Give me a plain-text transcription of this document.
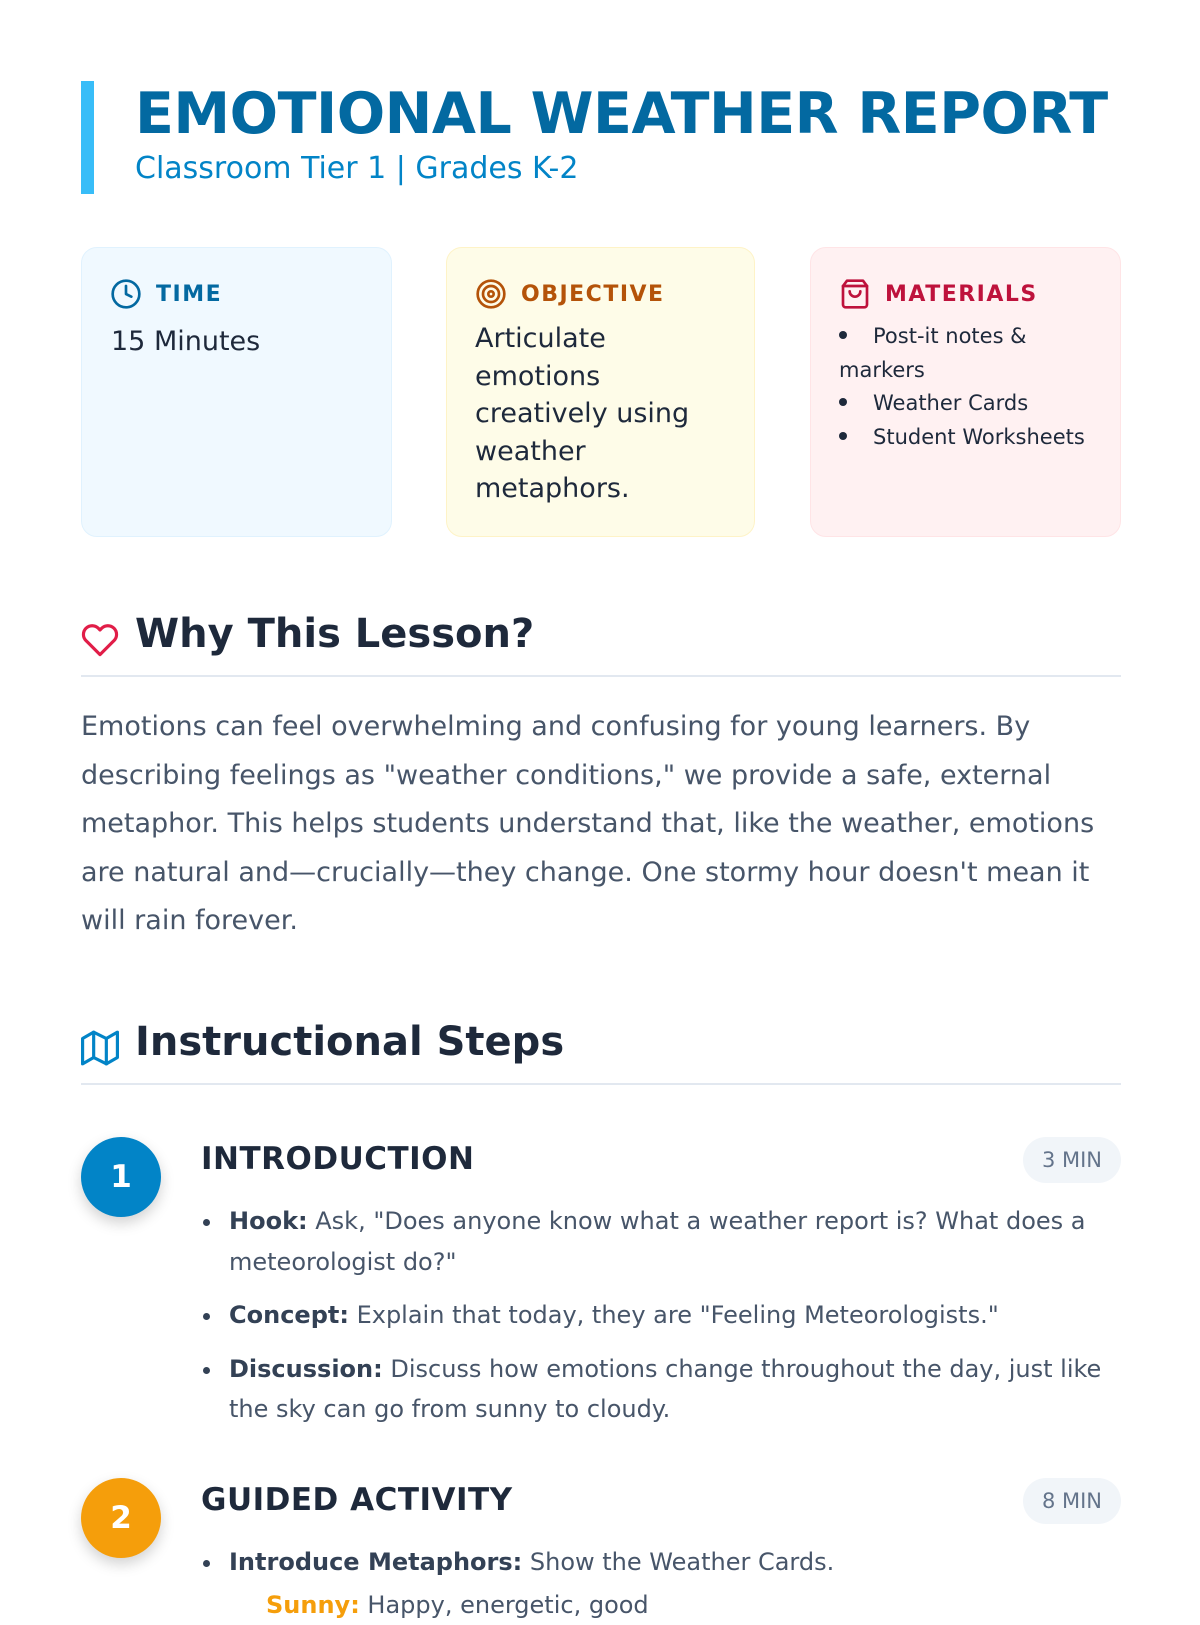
EMOTIONAL WEATHER REPORT
Classroom Tier 1 | Grades K-2
TIME
15 Minutes
OBJECTIVE
Articulate emotions creatively using weather metaphors.
MATERIALS
Post-it notes & markers
Weather Cards
Student Worksheets
Why This Lesson?

Emotions can feel overwhelming and confusing for young learners. By describing feelings as "weather conditions," we provide a safe, external metaphor. This helps students understand that, like the weather, emotions are natural and—crucially—they change. One stormy hour doesn't mean it will rain forever.

Instructional Steps
1	INTRODUCTION	3 MIN
Hook: Ask, "Does anyone know what a weather report is? What does a meteorologist do?"
Concept: Explain that today, they are "Feeling Meteorologists."
Discussion: Discuss how emotions change throughout the day, just like the sky can go from sunny to cloudy.
2	GUIDED ACTIVITY	8 MIN
Introduce Metaphors: Show the Weather Cards.
Sunny: Happy, energetic, good
